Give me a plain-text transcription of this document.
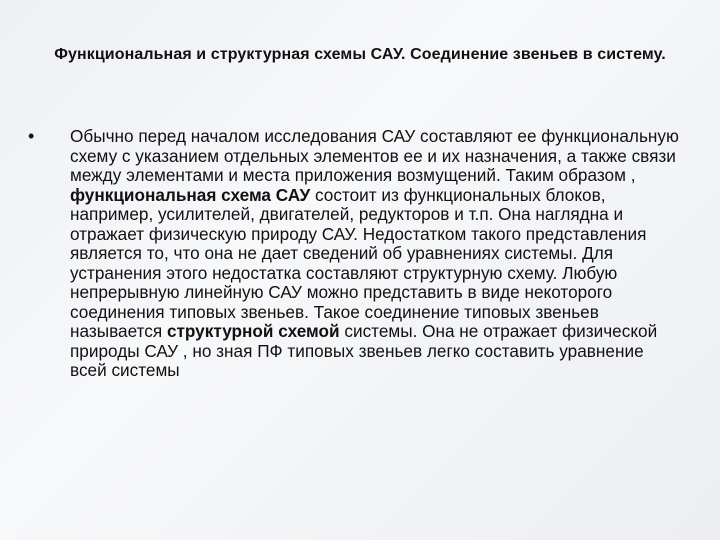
Функциональная и структурная схемы САУ. Соединение звеньев в систему.
•	Обычно перед началом исследования САУ составляют ее функциональную схему с указанием отдельных элементов ее и их назначения, а также связи между элементами и места приложения возмущений. Таким образом , функциональная схема САУ состоит из функциональных блоков, например, усилителей, двигателей, редукторов и т.п. Она наглядна и отражает физическую природу САУ. Недостатком такого представления является то, что она не дает сведений об уравнениях системы. Для устранения этого недостатка составляют структурную схему. Любую непрерывную линейную САУ можно представить в виде некоторого соединения типовых звеньев. Такое соединение типовых звеньев называется структурной схемой системы. Она не отражает физической природы САУ , но зная ПФ типовых звеньев легко составить уравнение всей системы
